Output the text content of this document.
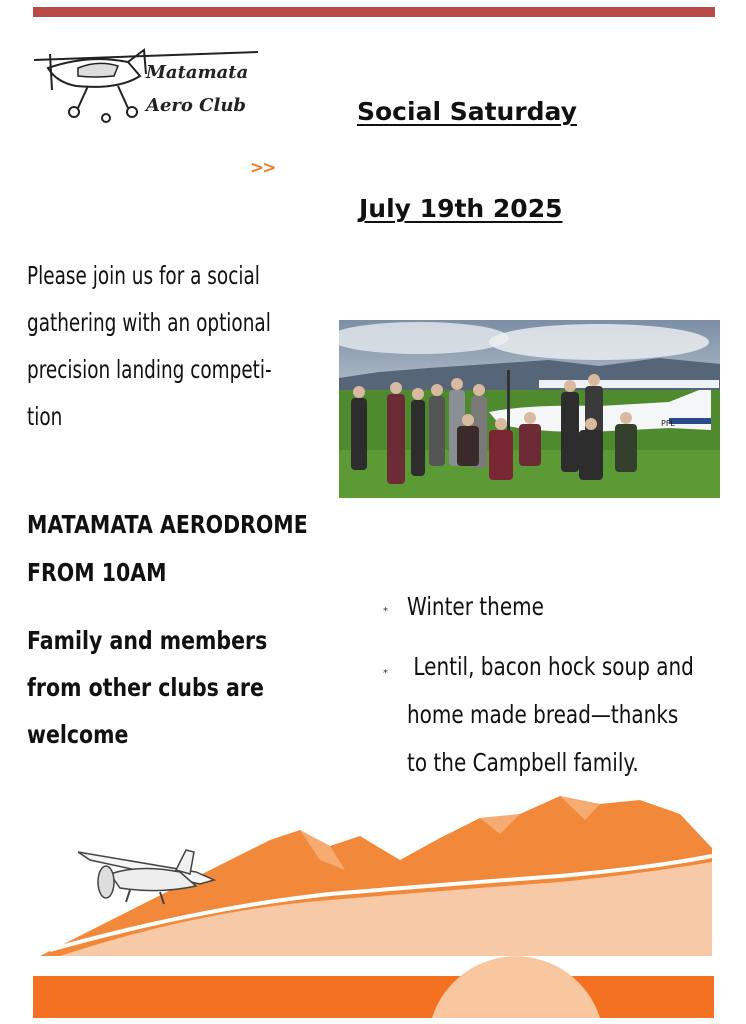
Matamata
Aero Club
>>
Social Saturday
July 19th 2025
Please join us for a social
gathering with an optional
precision landing competi-
tion	PFL
MATAMATA AERODROME
FROM 10AM
Family and members
from other clubs are
welcome
* Winter theme
* Lentil, bacon hock soup and
home made bread—thanks
to the Campbell family.
